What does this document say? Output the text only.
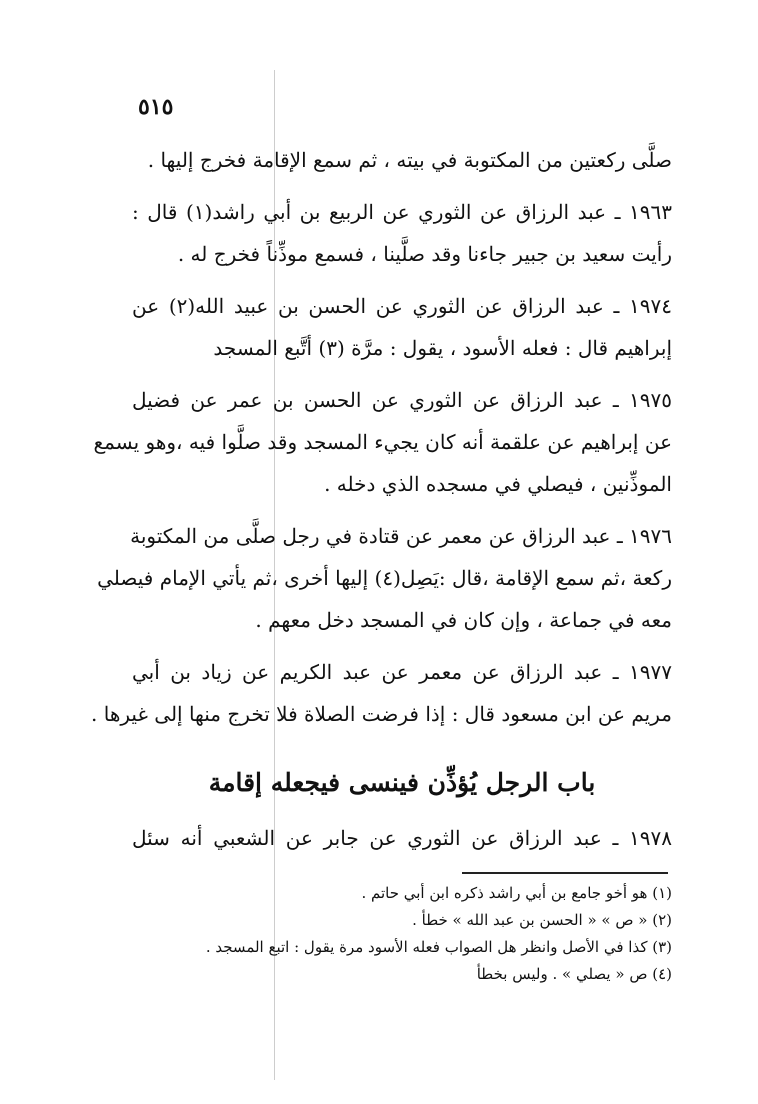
٥١٥
صلَّى ركعتين من المكتوبة في بيته ، ثم سمع الإقامة فخرج إليها .
١٩٦٣ ـ عبد الرزاق عن الثوري عن الربيع بن أبي راشد(١) قال :
رأيت سعيد بن جبير جاءنا وقد صلَّينا ، فسمع موذِّناً فخرج له .
١٩٧٤ ـ عبد الرزاق عن الثوري عن الحسن بن عبيد الله(٢) عن
إبراهيم قال : فعله الأسود ، يقول : مرَّة (٣) أتَّبع المسجد
١٩٧٥ ـ عبد الرزاق عن الثوري عن الحسن بن عمر عن فضيل
عن إبراهيم عن علقمة أنه كان يجيء المسجد وقد صلَّوا فيه ،وهو يسمع
الموذِّنين ، فيصلي في مسجده الذي دخله .
١٩٧٦ ـ عبد الرزاق عن معمر عن قتادة في رجل صلَّى من المكتوبة
ركعة ،ثم سمع الإقامة ،قال :يَصِل(٤) إليها أخرى ،ثم يأتي الإمام فيصلي
معه في جماعة ، وإن كان في المسجد دخل معهم .
١٩٧٧ ـ عبد الرزاق عن معمر عن عبد الكريم عن زياد بن أبي
مريم عن ابن مسعود قال : إذا فرضت الصلاة فلا تخرج منها إلى غيرها .
باب الرجل يُؤذِّن فينسى فيجعله إقامة
١٩٧٨ ـ عبد الرزاق عن الثوري عن جابر عن الشعبي أنه سئل
(١) هو أخو جامع بن أبي راشد ذكره ابن أبي حاتم .
(٢) « ص » « الحسن بن عبد الله » خطأ .
(٣) كذا في الأصل وانظر هل الصواب فعله الأسود مرة يقول : اتبع المسجد .
(٤) ص « يصلي » . وليس بخطأ
